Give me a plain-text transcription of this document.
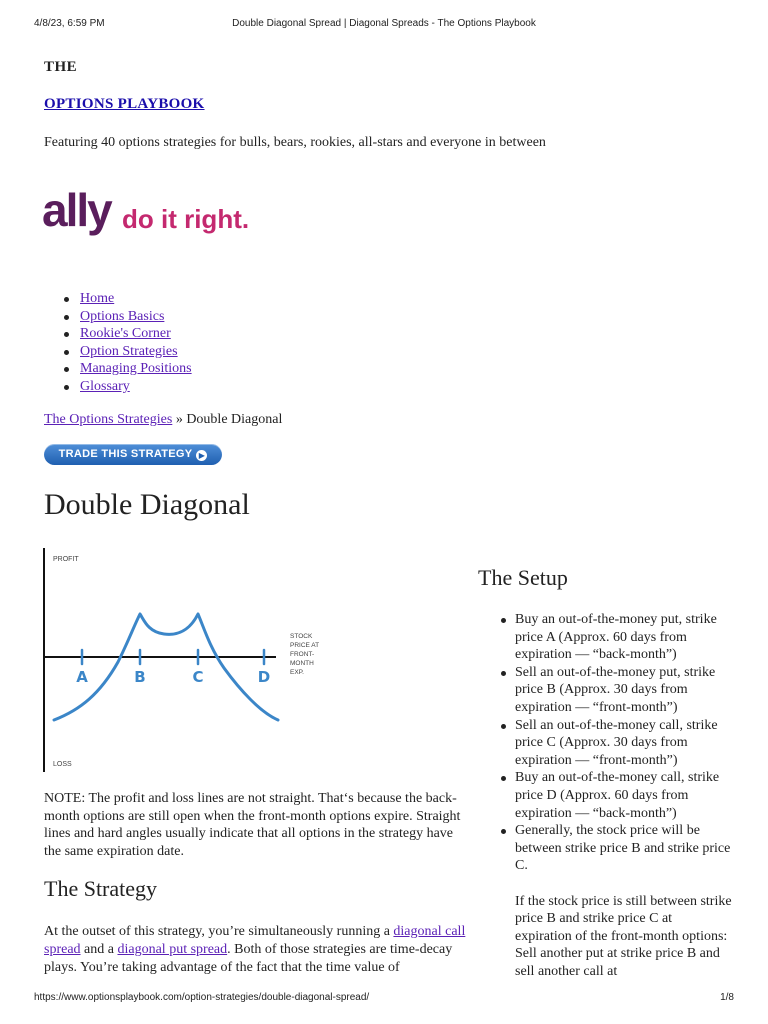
4/8/23, 6:59 PM	Double Diagonal Spread | Diagonal Spreads - The Options Playbook
THE
OPTIONS PLAYBOOK
Featuring 40 options strategies for bulls, bears, rookies, all-stars and everyone in between
ally do it right.
Home
Options Basics
Rookie's Corner
Option Strategies
Managing Positions
Glossary
The Options Strategies » Double Diagonal
TRADE THIS STRATEGY ▶
Double Diagonal
PROFIT
LOSS
STOCK
PRICE AT
FRONT-
MONTH
EXP.
A	B	C	D

NOTE: The profit and loss lines are not straight. That‘s because the back-month options are still open when the front-month options expire. Straight lines and hard angles usually indicate that all options in the strategy have the same expiration date.

The Strategy

At the outset of this strategy, you’re simultaneously running a diagonal call spread and a diagonal put spread. Both of those strategies are time-decay plays. You’re taking advantage of the fact that the time value of

The Setup
Buy an out-of-the-money put, strike price A (Approx. 60 days from expiration — “back-month”)
Sell an out-of-the-money put, strike price B (Approx. 30 days from expiration — “front-month”)
Sell an out-of-the-money call, strike price C (Approx. 30 days from expiration — “front-month”)
Buy an out-of-the-money call, strike price D (Approx. 60 days from expiration — “back-month”)
Generally, the stock price will be between strike price B and strike price C.
If the stock price is still between strike price B and strike price C at expiration of the front-month options: Sell another put at strike price B and sell another call at
https://www.optionsplaybook.com/option-strategies/double-diagonal-spread/	1/8
